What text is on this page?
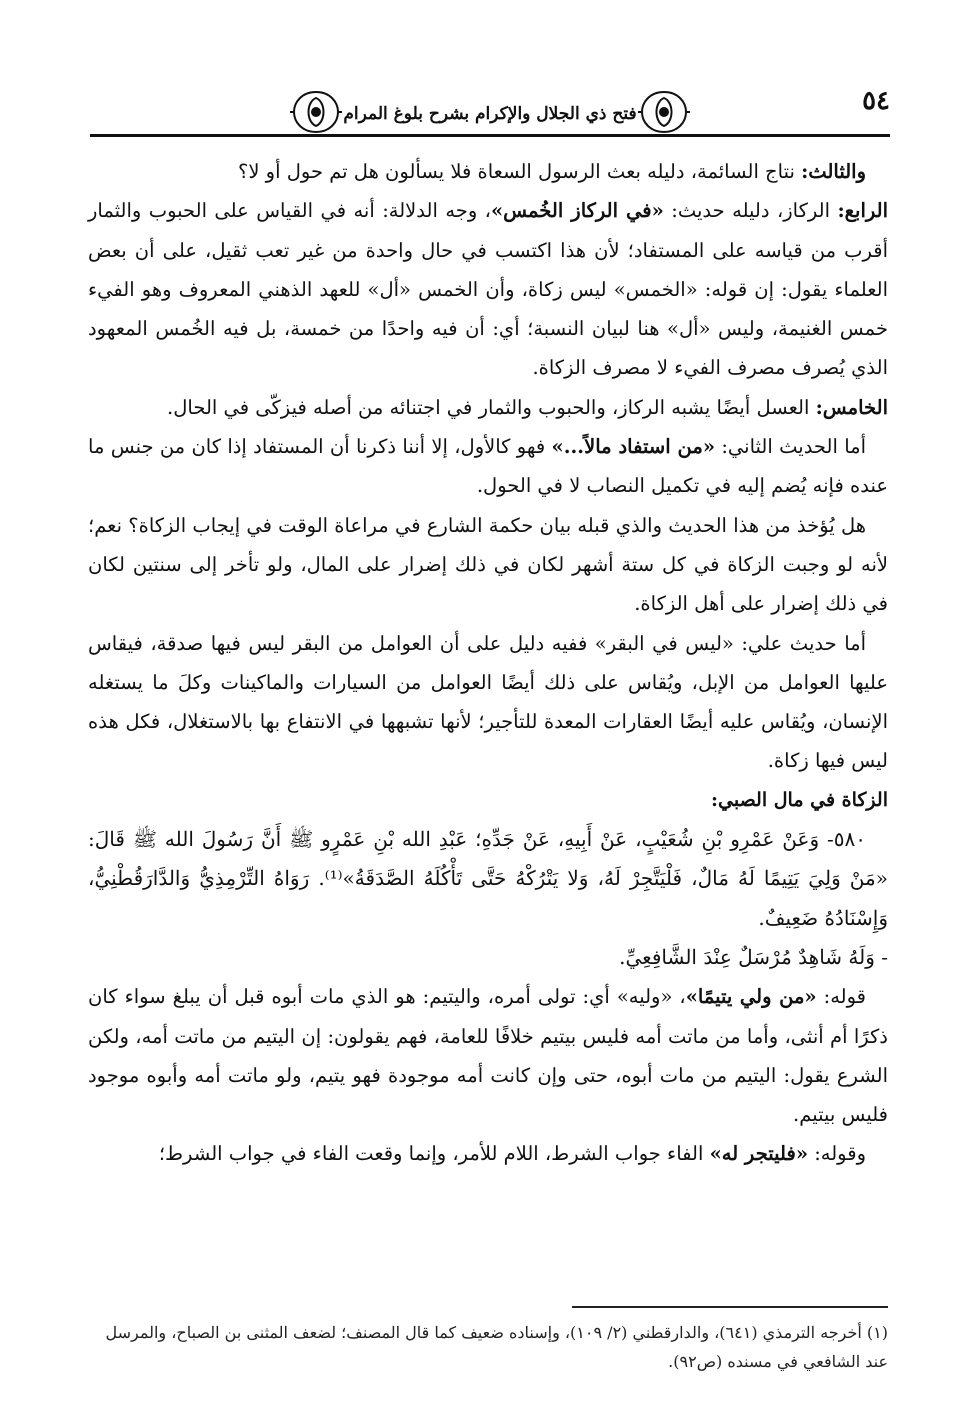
٥٤
فتح ذي الجلال والإكرام بشرح بلوغ المرام

والثالث: نتاج السائمة، دليله بعث الرسول السعاة فلا يسألون هل تم حول أو لا؟

الرابع: الركاز، دليله حديث: «في الركاز الخُمس»، وجه الدلالة: أنه في القياس على الحبوب والثمار أقرب من قياسه على المستفاد؛ لأن هذا اكتسب في حال واحدة من غير تعب ثقيل، على أن بعض العلماء يقول: إن قوله: «الخمس» ليس زكاة، وأن الخمس «أل» للعهد الذهني المعروف وهو الفيء خمس الغنيمة، وليس «أل» هنا لبيان النسبة؛ أي: أن فيه واحدًا من خمسة، بل فيه الخُمس المعهود الذي يُصرف مصرف الفيء لا مصرف الزكاة.

الخامس: العسل أيضًا يشبه الركاز، والحبوب والثمار في اجتنائه من أصله فيزكّى في الحال.

أما الحديث الثاني: «من استفاد مالاً...» فهو كالأول، إلا أننا ذكرنا أن المستفاد إذا كان من جنس ما عنده فإنه يُضم إليه في تكميل النصاب لا في الحول.

هل يُؤخذ من هذا الحديث والذي قبله بيان حكمة الشارع في مراعاة الوقت في إيجاب الزكاة؟ نعم؛ لأنه لو وجبت الزكاة في كل ستة أشهر لكان في ذلك إضرار على المال، ولو تأخر إلى سنتين لكان في ذلك إضرار على أهل الزكاة.

أما حديث علي: «ليس في البقر» ففيه دليل على أن العوامل من البقر ليس فيها صدقة، فيقاس عليها العوامل من الإبل، ويُقاس على ذلك أيضًا العوامل من السيارات والماكينات وكلَ ما يستغله الإنسان، ويُقاس عليه أيضًا العقارات المعدة للتأجير؛ لأنها تشبهها في الانتفاع بها بالاستغلال، فكل هذه ليس فيها زكاة.

الزكاة في مال الصبي:

٥٨٠- وَعَنْ عَمْرِو بْنِ شُعَيْبٍ، عَنْ أَبِيهِ، عَنْ جَدِّهِ؛ عَبْدِ الله بْنِ عَمْرٍو ﷺ أَنَّ رَسُولَ الله ﷺ قَالَ: «مَنْ وَلِيَ يَتِيمًا لَهُ مَالٌ، فَلْيَتَّجِرْ لَهُ، وَلا يَتْرُكْهُ حَتَّى تَأْكُلَهُ الصَّدَقَةُ»⁽¹⁾. رَوَاهُ التِّرْمِذِيُّ وَالدَّارَقُطْنِيُّ، وَإِسْنَادُهُ ضَعِيفٌ.

- وَلَهُ شَاهِدٌ مُرْسَلٌ عِنْدَ الشَّافِعِيِّ.

قوله: «من ولي يتيمًا»، «وليه» أي: تولى أمره، واليتيم: هو الذي مات أبوه قبل أن يبلغ سواء كان ذكرًا أم أنثى، وأما من ماتت أمه فليس بيتيم خلافًا للعامة، فهم يقولون: إن اليتيم من ماتت أمه، ولكن الشرع يقول: اليتيم من مات أبوه، حتى وإن كانت أمه موجودة فهو يتيم، ولو ماتت أمه وأبوه موجود فليس بيتيم.

وقوله: «فليتجر له» الفاء جواب الشرط، اللام للأمر، وإنما وقعت الفاء في جواب الشرط؛

(١) أخرجه الترمذي (٦٤١)، والدارقطني (٢/ ١٠٩)، وإسناده ضعيف كما قال المصنف؛ لضعف المثنى بن الصباح، والمرسل عند الشافعي في مسنده (ص٩٢).
